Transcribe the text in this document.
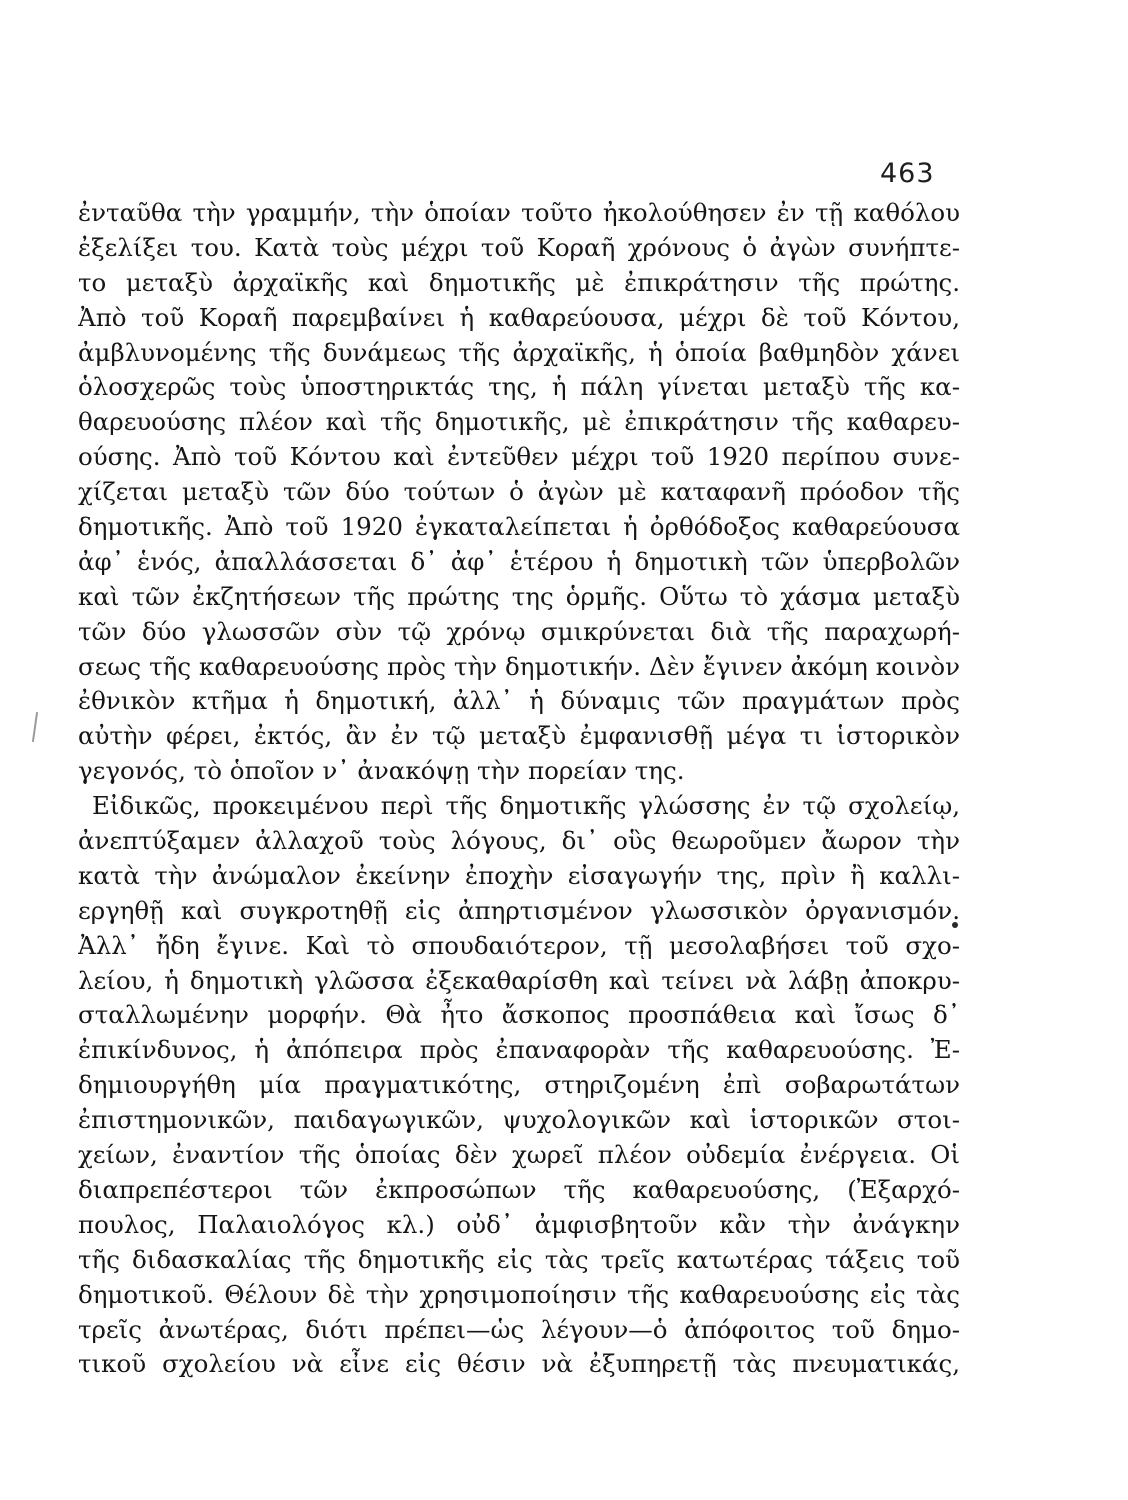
463
ἐνταῦθα τὴν γραμμήν, τὴν ὁποίαν τοῦτο ἠκολούθησεν ἐν τῇ καθόλου
ἐξελίξει του. Κατὰ τοὺς μέχρι τοῦ Κοραῆ χρόνους ὁ ἀγὼν συνήπτε-
το μεταξὺ ἀρχαϊκῆς καὶ δημοτικῆς μὲ ἐπικράτησιν τῆς πρώτης.
Ἀπὸ τοῦ Κοραῆ παρεμβαίνει ἡ καθαρεύουσα, μέχρι δὲ τοῦ Κόντου,
ἀμβλυνομένης τῆς δυνάμεως τῆς ἀρχαϊκῆς, ἡ ὁποία βαθμηδὸν χάνει
ὁλοσχερῶς τοὺς ὑποστηρικτάς της, ἡ πάλη γίνεται μεταξὺ τῆς κα-
θαρευούσης πλέον καὶ τῆς δημοτικῆς, μὲ ἐπικράτησιν τῆς καθαρευ-
ούσης. Ἀπὸ τοῦ Κόντου καὶ ἐντεῦθεν μέχρι τοῦ 1920 περίπου συνε-
χίζεται μεταξὺ τῶν δύο τούτων ὁ ἀγὼν μὲ καταφανῆ πρόοδον τῆς
δημοτικῆς. Ἀπὸ τοῦ 1920 ἐγκαταλείπεται ἡ ὀρθόδοξος καθαρεύουσα
ἀφ᾽ ἑνός, ἀπαλλάσσεται δ᾽ ἀφ᾽ ἑτέρου ἡ δημοτικὴ τῶν ὑπερβολῶν
καὶ τῶν ἐκζητήσεων τῆς πρώτης της ὁρμῆς. Οὕτω τὸ χάσμα μεταξὺ
τῶν δύο γλωσσῶν σὺν τῷ χρόνῳ σμικρύνεται διὰ τῆς παραχωρή-
σεως τῆς καθαρευούσης πρὸς τὴν δημοτικήν. Δὲν ἔγινεν ἀκόμη κοινὸν
ἐθνικὸν κτῆμα ἡ δημοτική, ἀλλ᾽ ἡ δύναμις τῶν πραγμάτων πρὸς
αὐτὴν φέρει, ἐκτός, ἂν ἐν τῷ μεταξὺ ἐμφανισθῇ μέγα τι ἱστορικὸν
γεγονός, τὸ ὁποῖον ν᾽ ἀνακόψῃ τὴν πορείαν της.
Εἰδικῶς, προκειμένου περὶ τῆς δημοτικῆς γλώσσης ἐν τῷ σχολείῳ,
ἀνεπτύξαμεν ἀλλαχοῦ τοὺς λόγους, δι᾽ οὓς θεωροῦμεν ἄωρον τὴν
κατὰ τὴν ἀνώμαλον ἐκείνην ἐποχὴν εἰσαγωγήν της, πρὶν ἢ καλλι-
εργηθῇ καὶ συγκροτηθῇ εἰς ἀπηρτισμένον γλωσσικὸν ὀργανισμόν.
Ἀλλ᾽ ἤδη ἔγινε. Καὶ τὸ σπουδαιότερον, τῇ μεσολαβήσει τοῦ σχο-
λείου, ἡ δημοτικὴ γλῶσσα ἐξεκαθαρίσθη καὶ τείνει νὰ λάβῃ ἀποκρυ-
σταλλωμένην μορφήν. Θὰ ἦτο ἄσκοπος προσπάθεια καὶ ἴσως δ᾽
ἐπικίνδυνος, ἡ ἀπόπειρα πρὸς ἐπαναφορὰν τῆς καθαρευούσης. Ἐ-
δημιουργήθη μία πραγματικότης, στηριζομένη ἐπὶ σοβαρωτάτων
ἐπιστημονικῶν, παιδαγωγικῶν, ψυχολογικῶν καὶ ἱστορικῶν στοι-
χείων, ἐναντίον τῆς ὁποίας δὲν χωρεῖ πλέον οὐδεμία ἐνέργεια. Οἱ
διαπρεπέστεροι τῶν ἐκπροσώπων τῆς καθαρευούσης, (Ἐξαρχό-
πουλος, Παλαιολόγος κλ.) οὐδ᾽ ἀμφισβητοῦν κἂν τὴν ἀνάγκην
τῆς διδασκαλίας τῆς δημοτικῆς εἰς τὰς τρεῖς κατωτέρας τάξεις τοῦ
δημοτικοῦ. Θέλουν δὲ τὴν χρησιμοποίησιν τῆς καθαρευούσης εἰς τὰς
τρεῖς ἀνωτέρας, διότι πρέπει—ὡς λέγουν—ὁ ἀπόφοιτος τοῦ δημο-
τικοῦ σχολείου νὰ εἶνε εἰς θέσιν νὰ ἐξυπηρετῇ τὰς πνευματικάς,
